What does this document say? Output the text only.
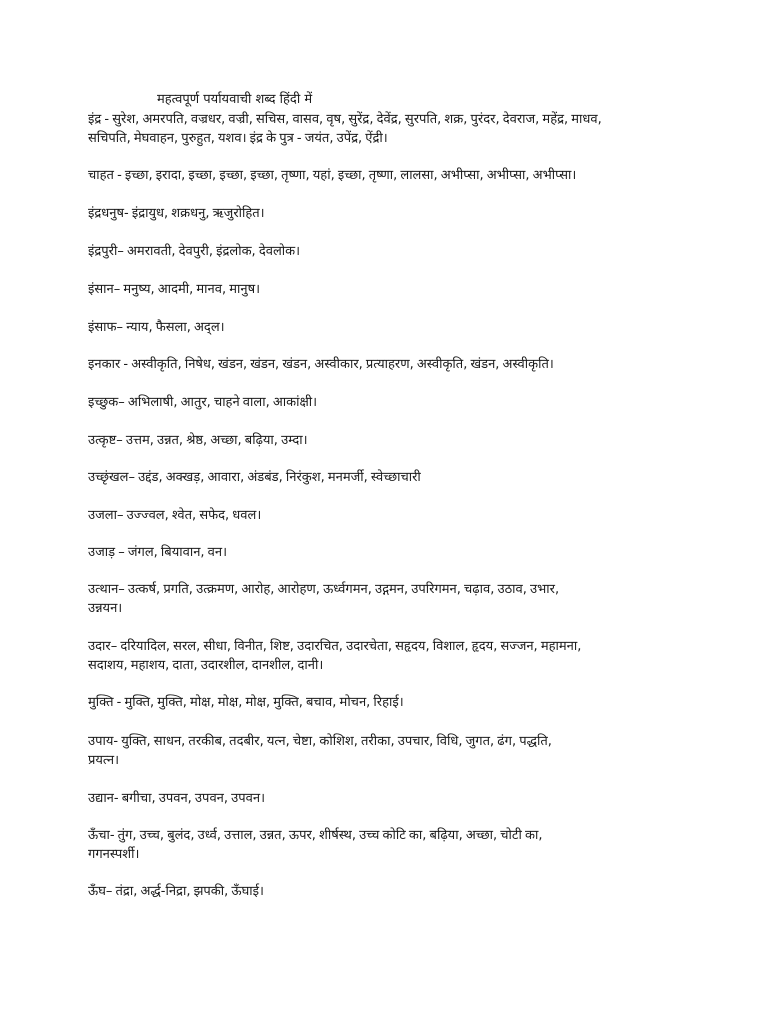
महत्वपूर्ण पर्यायवाची शब्द हिंदी में
इंद्र - सुरेश, अमरपति, वज्रधर, वज्री, सचिस, वासव, वृष, सुरेंद्र, देवेंद्र, सुरपति, शक्र, पुरंदर, देवराज, महेंद्र, माधव,
सचिपति, मेघवाहन, पुरुहुत, यशव। इंद्र के पुत्र - जयंत, उपेंद्र, ऐंद्री।
चाहत - इच्छा, इरादा, इच्छा, इच्छा, इच्छा, तृष्णा, यहां, इच्छा, तृष्णा, लालसा, अभीप्सा, अभीप्सा, अभीप्सा।
इंद्रधनुष- इंद्रायुध, शक्रधनु, ऋजुरोहित।
इंद्रपुरी– अमरावती, देवपुरी, इंद्रलोक, देवलोक।
इंसान– मनुष्य, आदमी, मानव, मानुष।
इंसाफ– न्याय, फैसला, अद्ल।
इनकार - अस्वीकृति, निषेध, खंडन, खंडन, खंडन, अस्वीकार, प्रत्याहरण, अस्वीकृति, खंडन, अस्वीकृति।
इच्छुक– अभिलाषी, आतुर, चाहने वाला, आकांक्षी।
उत्कृष्ट– उत्तम, उन्नत, श्रेष्ठ, अच्छा, बढ़िया, उम्दा।
उच्छृंखल– उद्दंड, अक्खड़, आवारा, अंडबंड, निरंकुश, मनमर्जी, स्वेच्छाचारी
उजला– उज्ज्वल, श्वेत, सफेद, धवल।
उजाड़ – जंगल, बियावान, वन।
उत्थान– उत्कर्ष, प्रगति, उत्क्रमण, आरोह, आरोहण, ऊर्ध्वगमन, उद्गमन, उपरिगमन, चढ़ाव, उठाव, उभार,
उन्नयन।
उदार– दरियादिल, सरल, सीधा, विनीत, शिष्ट, उदारचित, उदारचेता, सहृदय, विशाल, हृदय, सज्जन, महामना,
सदाशय, महाशय, दाता, उदारशील, दानशील, दानी।
मुक्ति - मुक्ति, मुक्ति, मोक्ष, मोक्ष, मोक्ष, मुक्ति, बचाव, मोचन, रिहाई।
उपाय- युक्ति, साधन, तरकीब, तदबीर, यत्न, चेष्टा, कोशिश, तरीका, उपचार, विधि, जुगत, ढंग, पद्धति,
प्रयत्न।
उद्यान- बगीचा, उपवन, उपवन, उपवन।
ऊँचा- तुंग, उच्च, बुलंद, उर्ध्व, उत्ताल, उन्नत, ऊपर, शीर्षस्थ, उच्च कोटि का, बढ़िया, अच्छा, चोटी का,
गगनस्पर्शी।
ऊँघ– तंद्रा, अर्द्ध-निद्रा, झपकी, ऊँघाई।
